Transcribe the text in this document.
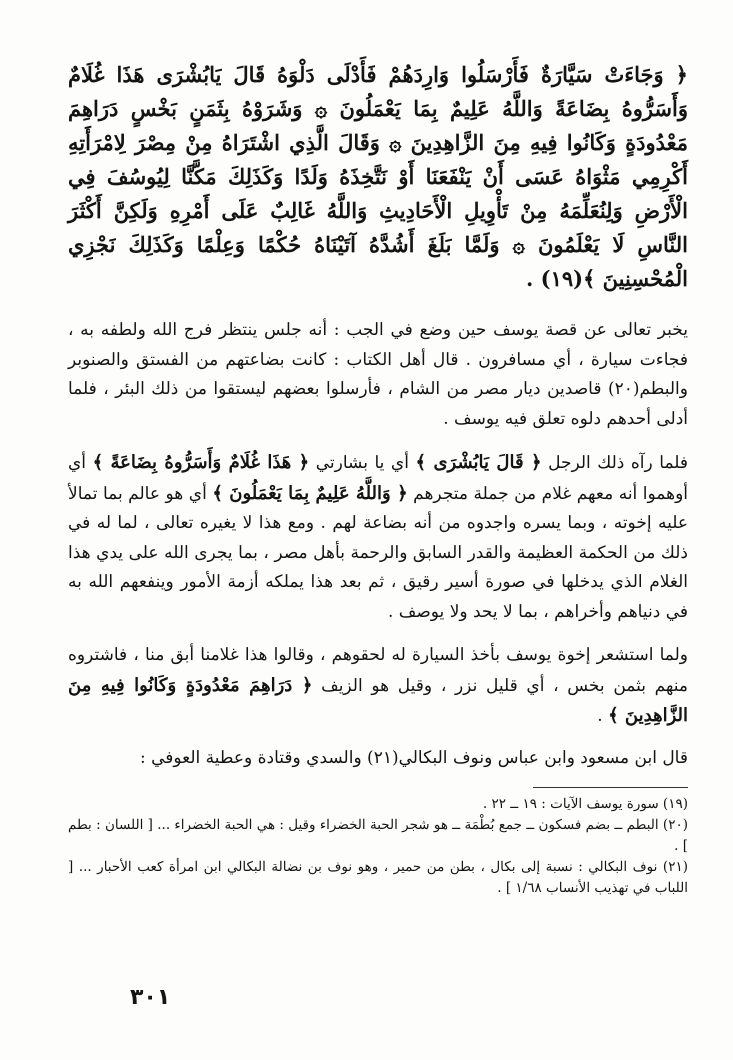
﴿ وَجَاءَتْ سَيَّارَةٌ فَأَرْسَلُوا وَارِدَهُمْ فَأَدْلَى دَلْوَهُ قَالَ يَابُشْرَى هَذَا غُلَامٌ وَأَسَرُّوهُ بِضَاعَةً وَاللَّهُ عَلِيمٌ بِمَا يَعْمَلُونَ ۞ وَشَرَوْهُ بِثَمَنٍ بَخْسٍ دَرَاهِمَ مَعْدُودَةٍ وَكَانُوا فِيهِ مِنَ الزَّاهِدِينَ ۞ وَقَالَ الَّذِي اشْتَرَاهُ مِنْ مِصْرَ لِامْرَأَتِهِ أَكْرِمِي مَثْوَاهُ عَسَى أَنْ يَنْفَعَنَا أَوْ نَتَّخِذَهُ وَلَدًا وَكَذَلِكَ مَكَّنَّا لِيُوسُفَ فِي الْأَرْضِ وَلِنُعَلِّمَهُ مِنْ تَأْوِيلِ الْأَحَادِيثِ وَاللَّهُ غَالِبٌ عَلَى أَمْرِهِ وَلَكِنَّ أَكْثَرَ النَّاسِ لَا يَعْلَمُونَ ۞ وَلَمَّا بَلَغَ أَشُدَّهُ آتَيْنَاهُ حُكْمًا وَعِلْمًا وَكَذَلِكَ نَجْزِي الْمُحْسِنِينَ ﴾(١٩) .

يخبر تعالى عن قصة يوسف حين وضع في الجب : أنه جلس ينتظر فرج الله ولطفه به ، فجاءت سيارة ، أي مسافرون . قال أهل الكتاب : كانت بضاعتهم من الفستق والصنوبر والبطم(٢٠) قاصدين ديار مصر من الشام ، فأرسلوا بعضهم ليستقوا من ذلك البئر ، فلما أدلى أحدهم دلوه تعلق فيه يوسف .

فلما رآه ذلك الرجل ﴿ قَالَ يَابُشْرَى ﴾ أي يا بشارتي ﴿ هَذَا غُلَامٌ وَأَسَرُّوهُ بِضَاعَةً ﴾ أي أوهموا أنه معهم غلام من جملة متجرهم ﴿ وَاللَّهُ عَلِيمٌ بِمَا يَعْمَلُونَ ﴾ أي هو عالم بما تمالأ عليه إخوته ، وبما يسره واجدوه من أنه بضاعة لهم . ومع هذا لا يغيره تعالى ، لما له في ذلك من الحكمة العظيمة والقدر السابق والرحمة بأهل مصر ، بما يجرى الله على يدي هذا الغلام الذي يدخلها في صورة أسير رقيق ، ثم بعد هذا يملكه أزمة الأمور وينفعهم الله به في دنياهم وأخراهم ، بما لا يحد ولا يوصف .

ولما استشعر إخوة يوسف بأخذ السيارة له لحقوهم ، وقالوا هذا غلامنا أبق منا ، فاشتروه منهم بثمن بخس ، أي قليل نزر ، وقيل هو الزيف ﴿ دَرَاهِمَ مَعْدُودَةٍ وَكَانُوا فِيهِ مِنَ الزَّاهِدِينَ ﴾ .

قال ابن مسعود وابن عباس ونوف البكالي(٢١) والسدي وقتادة وعطية العوفي :

(١٩) سورة يوسف الآيات : ١٩ ــ ٢٢ .

(٢٠) البطم ــ بضم فسكون ــ جمع بُطْمَة ــ هو شجر الحبة الخضراء وقيل : هي الحبة الخضراء ... [ اللسان : بطم ] .

(٢١) نوف البكالي : نسبة إلى بكال ، بطن من حمير ، وهو نوف بن نضالة البكالي ابن امرأة كعب الأحبار ... [ اللباب في تهذيب الأنساب ١/٦٨ ] .

٣٠١
